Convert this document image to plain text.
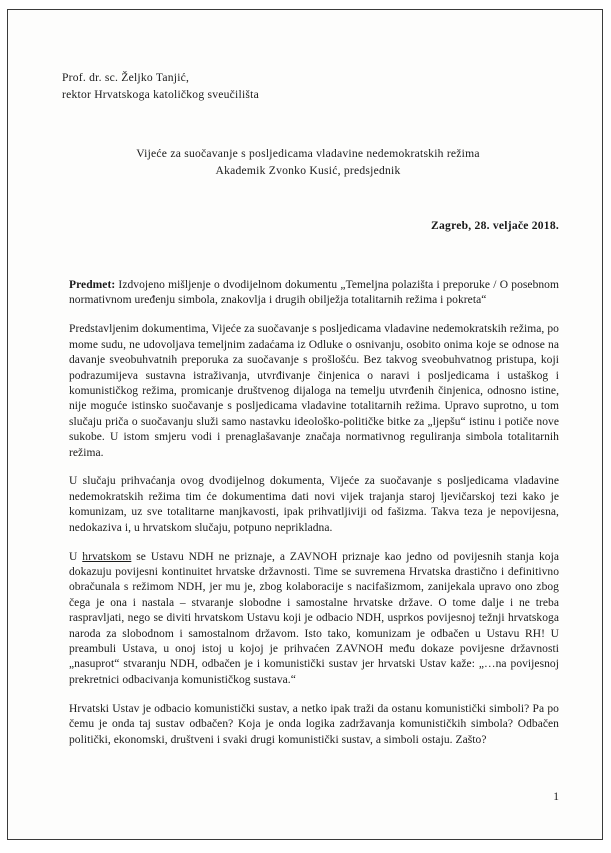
Prof. dr. sc. Željko Tanjić,
rektor Hrvatskoga katoličkog sveučilišta
Vijeće za suočavanje s posljedicama vladavine nedemokratskih režima
Akademik Zvonko Kusić, predsjednik
Zagreb, 28. veljače 2018.

Predmet: Izdvojeno mišljenje o dvodijelnom dokumentu „Temeljna polazišta i preporuke / O posebnom normativnom uređenju simbola, znakovlja i drugih obilježja totalitarnih režima i pokreta“

Predstavljenim dokumentima, Vijeće za suočavanje s posljedicama vladavine nedemokratskih režima, po mome sudu, ne udovoljava temeljnim zadaćama iz Odluke o osnivanju, osobito onima koje se odnose na davanje sveobuhvatnih preporuka za suočavanje s prošlošću. Bez takvog sveobuhvatnog pristupa, koji podrazumijeva sustavna istraživanja, utvrđivanje činjenica o naravi i posljedicama i ustaškog i komunističkog režima, promicanje društvenog dijaloga na temelju utvrđenih činjenica, odnosno istine, nije moguće istinsko suočavanje s posljedicama vladavine totalitarnih režima. Upravo suprotno, u tom slučaju priča o suočavanju služi samo nastavku ideološko-političke bitke za „ljepšu“ istinu i potiče nove sukobe. U istom smjeru vodi i prenaglašavanje značaja normativnog reguliranja simbola totalitarnih režima.

U slučaju prihvaćanja ovog dvodijelnog dokumenta, Vijeće za suočavanje s posljedicama vladavine nedemokratskih režima tim će dokumentima dati novi vijek trajanja staroj ljevičarskoj tezi kako je komunizam, uz sve totalitarne manjkavosti, ipak prihvatljiviji od fašizma. Takva teza je nepovijesna, nedokaziva i, u hrvatskom slučaju, potpuno neprikladna.

U hrvatskom se Ustavu NDH ne priznaje, a ZAVNOH priznaje kao jedno od povijesnih stanja koja dokazuju povijesni kontinuitet hrvatske državnosti. Time se suvremena Hrvatska drastično i definitivno obračunala s režimom NDH, jer mu je, zbog kolaboracije s nacifašizmom, zanijekala upravo ono zbog čega je ona i nastala – stvaranje slobodne i samostalne hrvatske države. O tome dalje i ne treba raspravljati, nego se diviti hrvatskom Ustavu koji je odbacio NDH, usprkos povijesnoj težnji hrvatskoga naroda za slobodnom i samostalnom državom. Isto tako, komunizam je odbačen u Ustavu RH! U preambuli Ustava, u onoj istoj u kojoj je prihvaćen ZAVNOH među dokaze povijesne državnosti „nasuprot“ stvaranju NDH, odbačen je i komunistički sustav jer hrvatski Ustav kaže: „…na povijesnoj prekretnici odbacivanja komunističkog sustava.“

Hrvatski Ustav je odbacio komunistički sustav, a netko ipak traži da ostanu komunistički simboli? Pa po čemu je onda taj sustav odbačen? Koja je onda logika zadržavanja komunističkih simbola? Odbačen politički, ekonomski, društveni i svaki drugi komunistički sustav, a simboli ostaju. Zašto?

1
